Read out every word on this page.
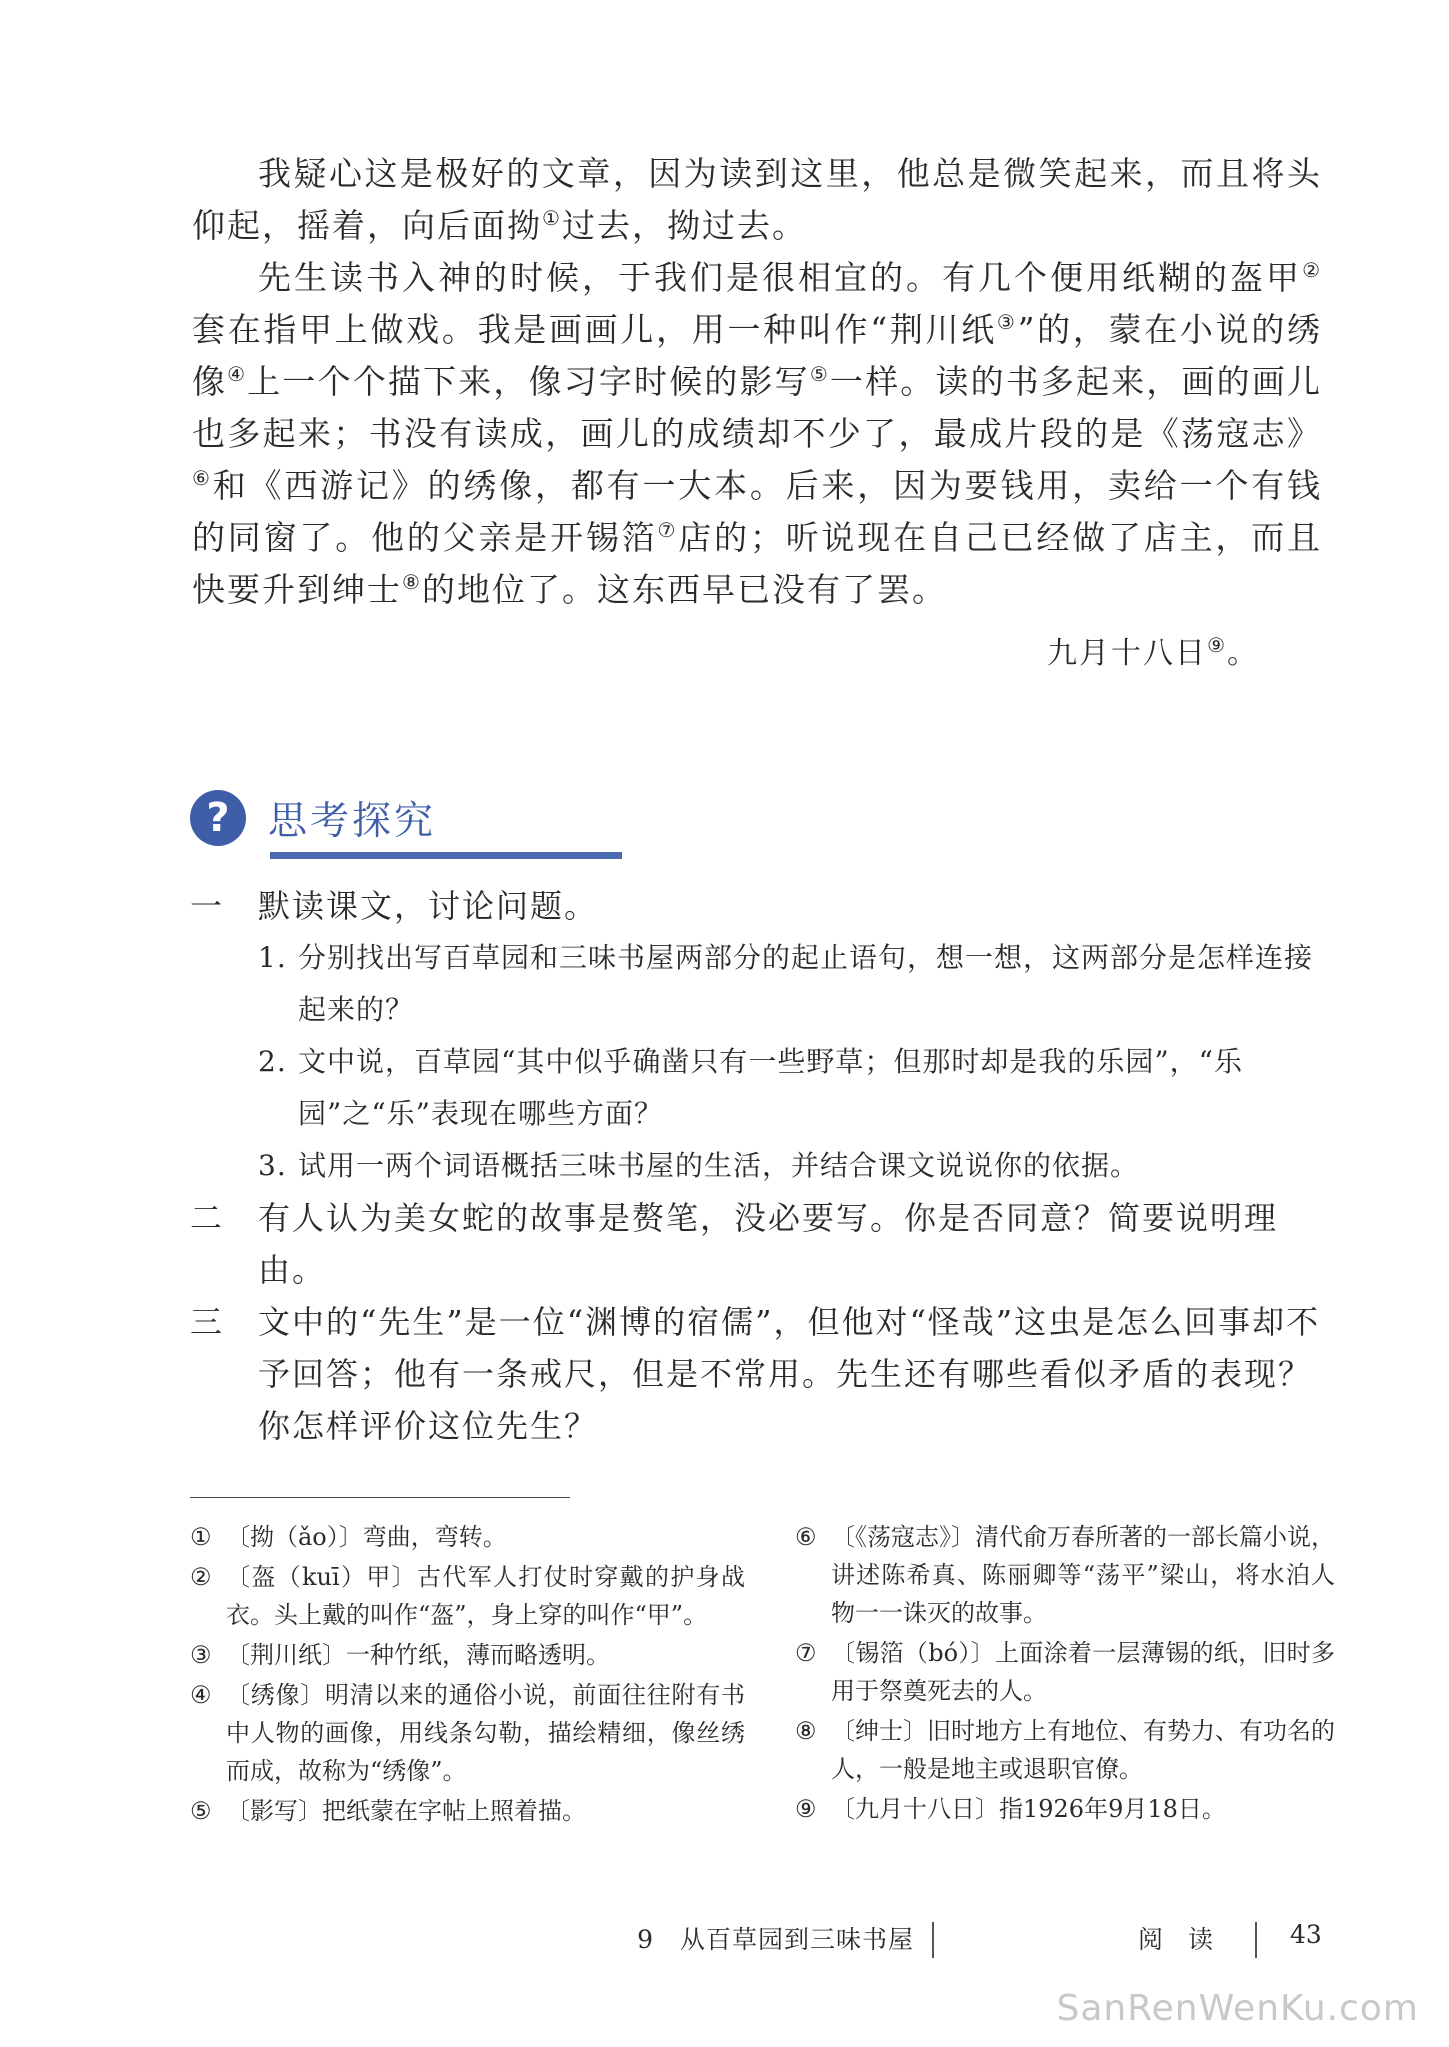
我疑心这是极好的文章，因为读到这里，他总是微笑起来，而且将头仰起，摇着，向后面拗①过去，拗过去。

先生读书入神的时候，于我们是很相宜的。有几个便用纸糊的盔甲②套在指甲上做戏。我是画画儿，用一种叫作“荆川纸③”的，蒙在小说的绣像④上一个个描下来，像习字时候的影写⑤一样。读的书多起来，画的画儿也多起来；书没有读成，画儿的成绩却不少了，最成片段的是《荡寇志》⑥和《西游记》的绣像，都有一大本。后来，因为要钱用，卖给一个有钱的同窗了。他的父亲是开锡箔⑦店的；听说现在自己已经做了店主，而且快要升到绅士⑧的地位了。这东西早已没有了罢。

九月十八日⑨。
? 思考探究
一 默读课文，讨论问题。
1. 分别找出写百草园和三味书屋两部分的起止语句，想一想，这两部分是怎样连接起来的？
2. 文中说，百草园“其中似乎确凿只有一些野草；但那时却是我的乐园”，“乐园”之“乐”表现在哪些方面？
3. 试用一两个词语概括三味书屋的生活，并结合课文说说你的依据。
二 有人认为美女蛇的故事是赘笔，没必要写。你是否同意？简要说明理由。
三 文中的“先生”是一位“渊博的宿儒”，但他对“怪哉”这虫是怎么回事却不予回答；他有一条戒尺，但是不常用。先生还有哪些看似矛盾的表现？你怎样评价这位先生？
① 〔拗（ǎo）〕弯曲，弯转。
② 〔盔（kuī）甲〕古代军人打仗时穿戴的护身战衣。头上戴的叫作“盔”，身上穿的叫作“甲”。
③ 〔荆川纸〕一种竹纸，薄而略透明。
④ 〔绣像〕明清以来的通俗小说，前面往往附有书中人物的画像，用线条勾勒，描绘精细，像丝绣而成，故称为“绣像”。
⑤ 〔影写〕把纸蒙在字帖上照着描。
⑥ 〔《荡寇志》〕清代俞万春所著的一部长篇小说，讲述陈希真、陈丽卿等“荡平”梁山，将水泊人物一一诛灭的故事。
⑦ 〔锡箔（bó）〕上面涂着一层薄锡的纸，旧时多用于祭奠死去的人。
⑧ 〔绅士〕旧时地方上有地位、有势力、有功名的人，一般是地主或退职官僚。
⑨ 〔九月十八日〕指1926年9月18日。
9　从百草园到三味书屋	阅　读	43
SanRenWenKu.com
